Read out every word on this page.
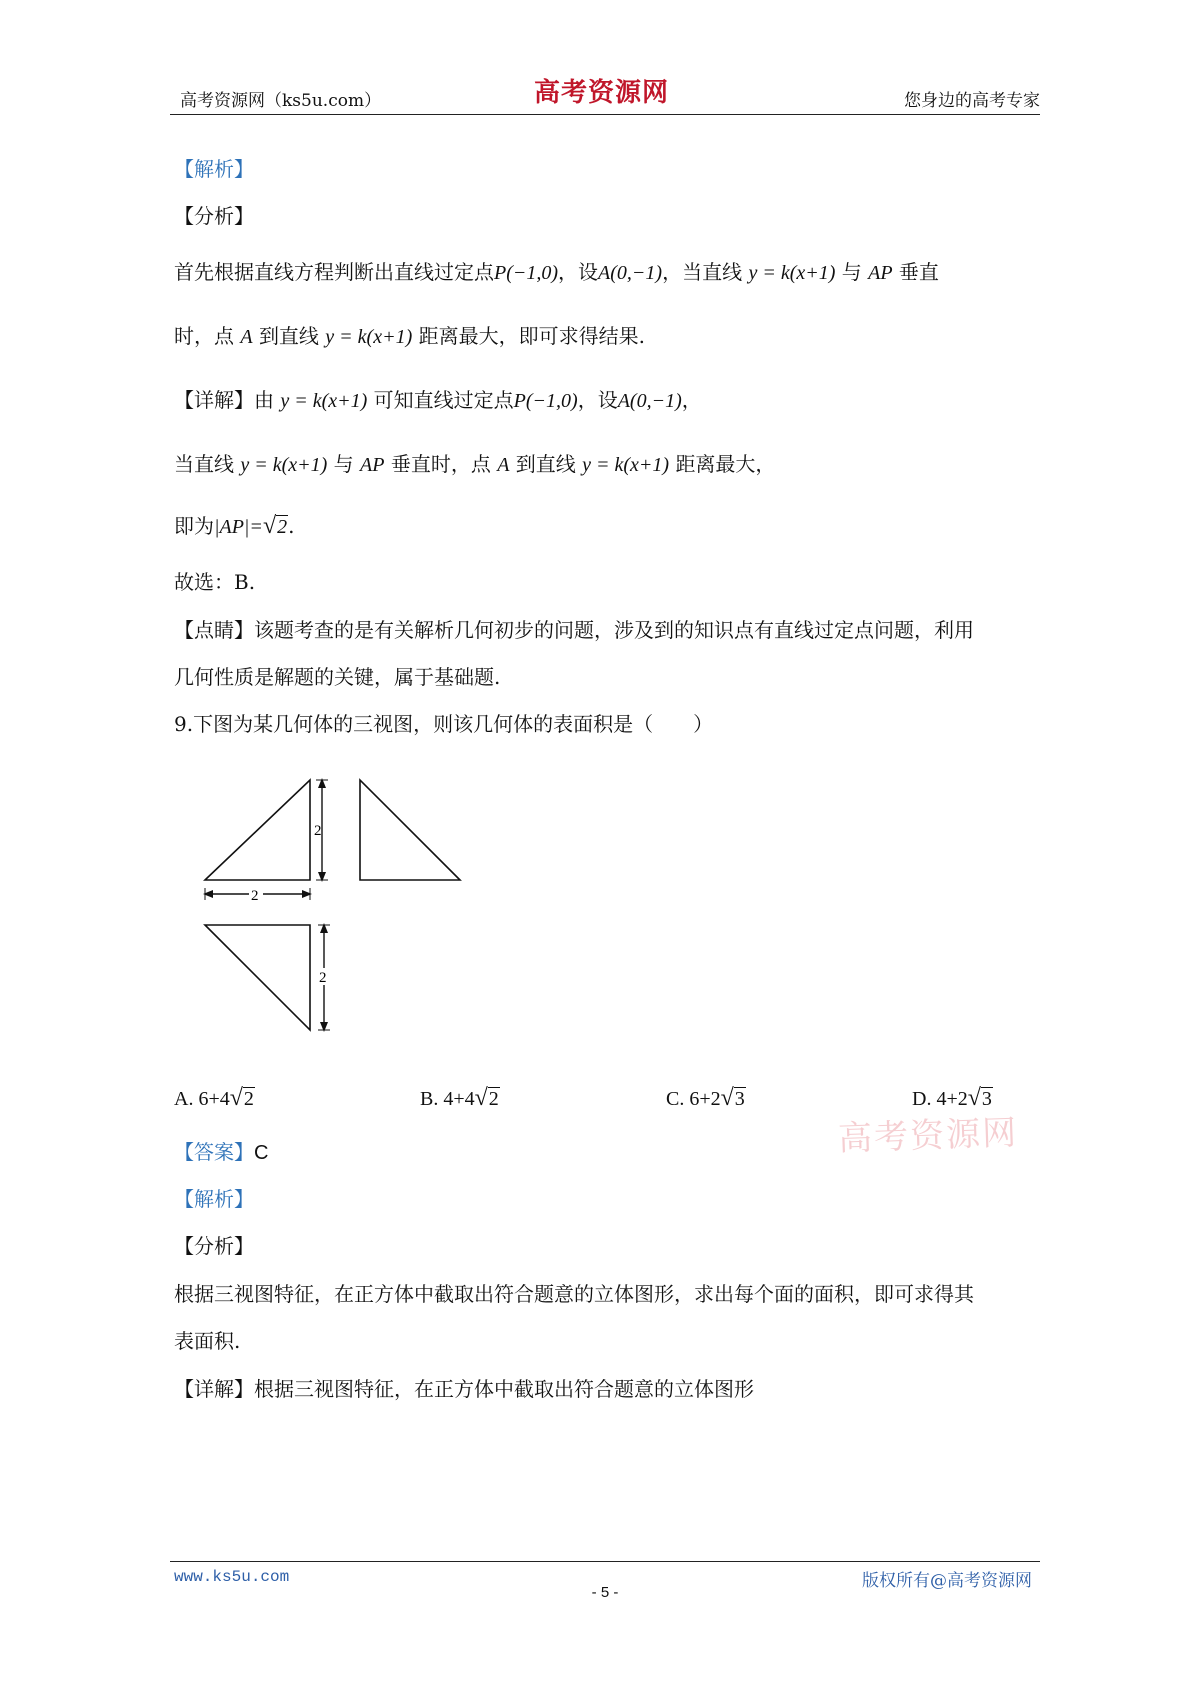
高考资源网（ks5u.com）	高考资源网	您身边的高考专家
【解析】
【分析】
首先根据直线方程判断出直线过定点P(−1,0)，设A(0,−1)，当直线 y = k(x+1) 与 AP 垂直
时，点 A 到直线 y = k(x+1) 距离最大，即可求得结果.
【详解】由 y = k(x+1) 可知直线过定点P(−1,0)，设A(0,−1)，
当直线 y = k(x+1) 与 AP 垂直时，点 A 到直线 y = k(x+1) 距离最大，
即为|AP|=√2.
故选：B.
【点睛】该题考查的是有关解析几何初步的问题，涉及到的知识点有直线过定点问题，利用
几何性质是解题的关键，属于基础题.
9.下图为某几何体的三视图，则该几何体的表面积是（　　）
2
2
2
A. 6+4√2	B. 4+4√2	C. 6+2√3	D. 4+2√3
高考资源网
【答案】C
【解析】
【分析】
根据三视图特征，在正方体中截取出符合题意的立体图形，求出每个面的面积，即可求得其
表面积.
【详解】根据三视图特征，在正方体中截取出符合题意的立体图形
www.ks5u.com
- 5 -
版权所有@高考资源网
